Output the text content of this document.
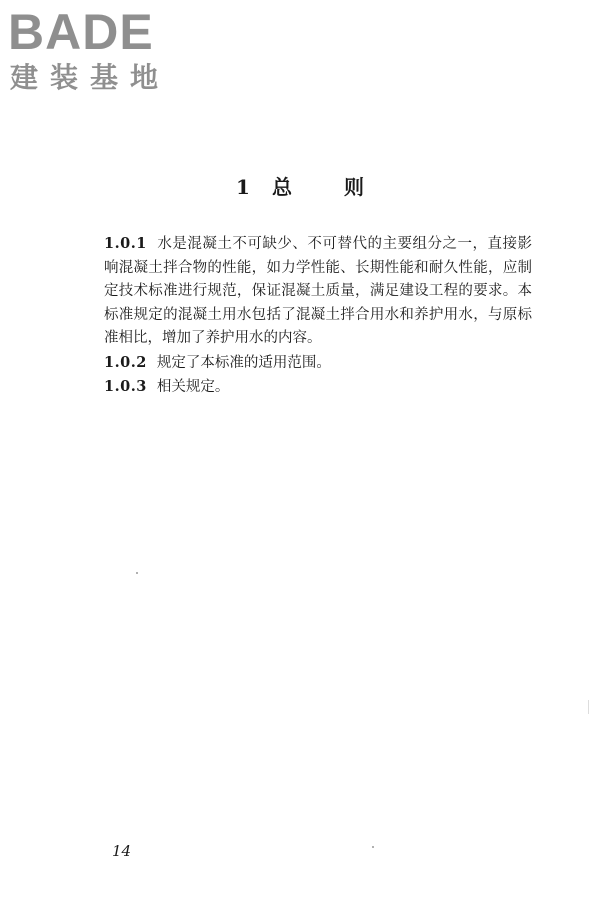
BADE
建装基地
1 总则

1.0.1 水是混凝土不可缺少、不可替代的主要组分之一，直接影响混凝土拌合物的性能，如力学性能、长期性能和耐久性能，应制定技术标准进行规范，保证混凝土质量，满足建设工程的要求。本标准规定的混凝土用水包括了混凝土拌合用水和养护用水，与原标准相比，增加了养护用水的内容。

1.0.2 规定了本标准的适用范围。

1.0.3 相关规定。

14
